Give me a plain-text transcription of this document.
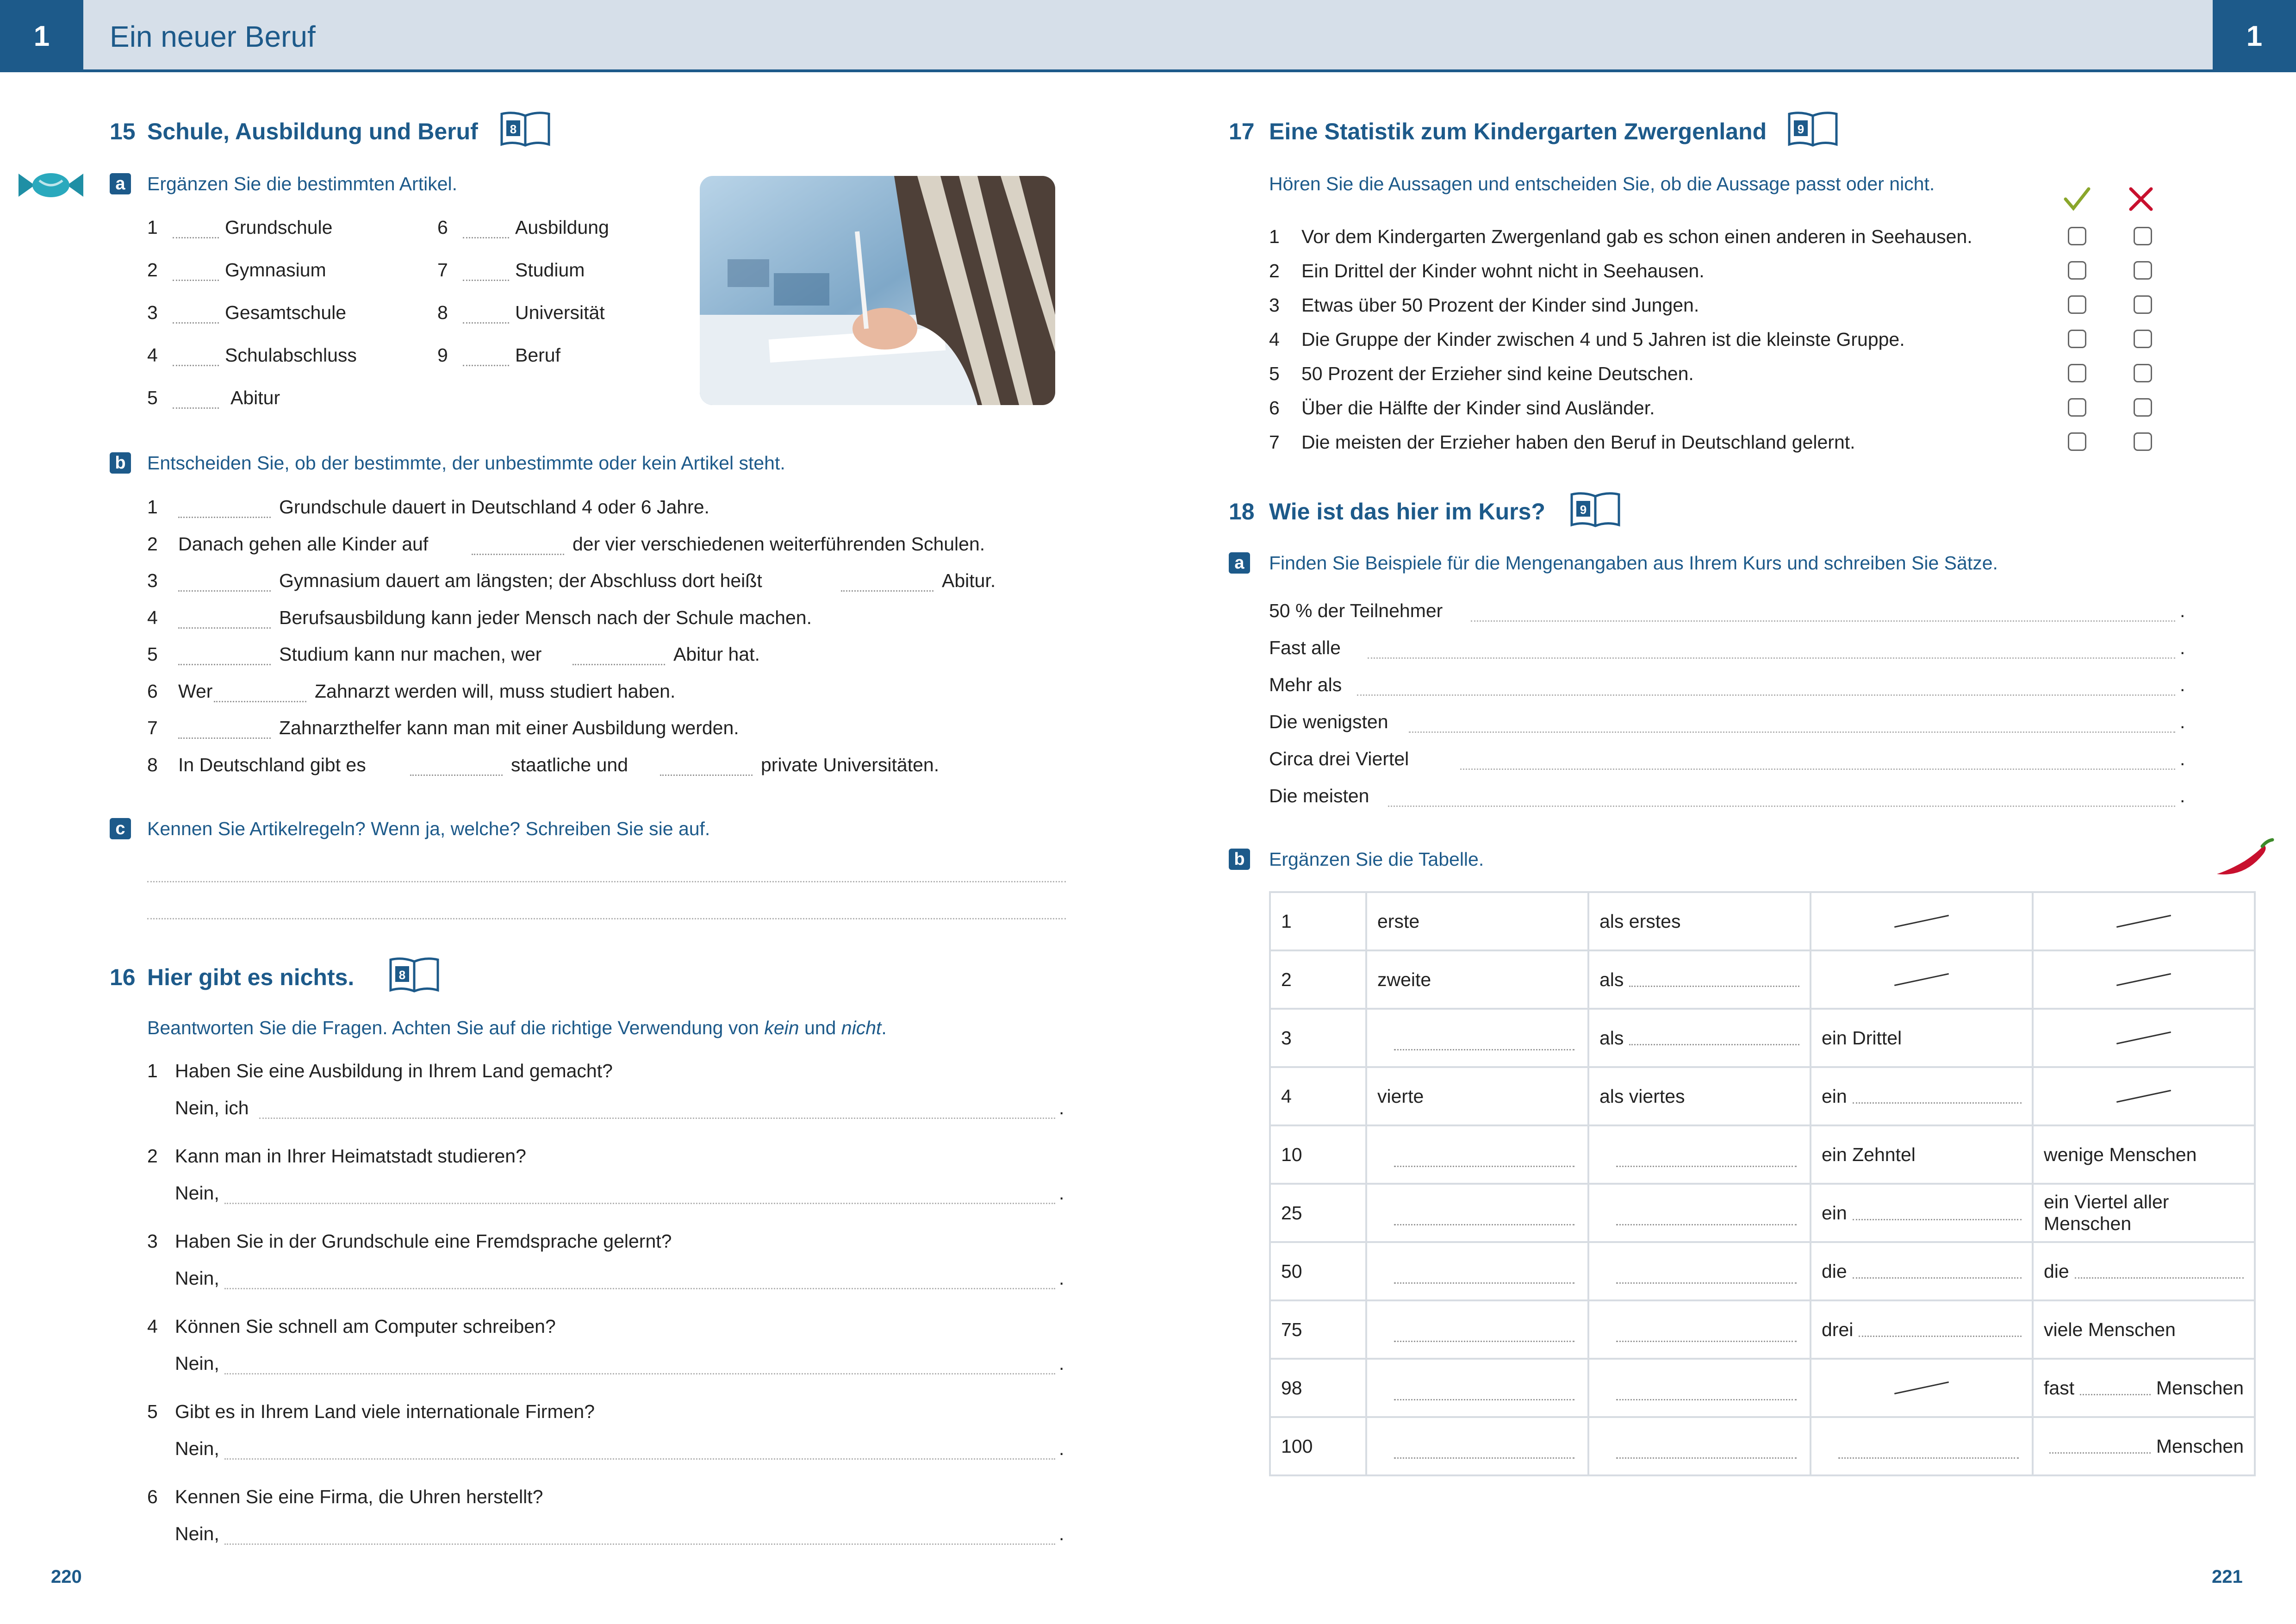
1	1
Ein neuer Beruf
15 Schule, Ausbildung und Beruf	8
a	Ergänzen Sie die bestimmten Artikel.
1	Grundschule
2	Gymnasium
3	Gesamtschule
4	Schulabschluss
5	Abitur
6	Ausbildung
7	Studium
8	Universität
9	Beruf
b Entscheiden Sie, ob der bestimmte, der unbestimmte oder kein Artikel steht.
1	Grundschule dauert in Deutschland 4 oder 6 Jahre.
2 Danach gehen alle Kinder auf	der vier verschiedenen weiterführenden Schulen.
3	Gymnasium dauert am längsten; der Abschluss dort heißt	Abitur.
4	Berufsausbildung kann jeder Mensch nach der Schule machen.
5	Studium kann nur machen, wer	Abitur hat.
6 Wer	Zahnarzt werden will, muss studiert haben.
7	Zahnarzthelfer kann man mit einer Ausbildung werden.
8 In Deutschland gibt es	staatliche und	private Universitäten.
c	Kennen Sie Artikelregeln? Wenn ja, welche? Schreiben Sie sie auf.
16 Hier gibt es nichts.	8
Beantworten Sie die Fragen. Achten Sie auf die richtige Verwendung von kein und nicht.
1 Haben Sie eine Ausbildung in Ihrem Land gemacht?
Nein, ich	.
2 Kann man in Ihrer Heimatstadt studieren?
Nein,	.
3 Haben Sie in der Grundschule eine Fremdsprache gelernt?
Nein,	.
4 Können Sie schnell am Computer schreiben?
Nein,	.
5 Gibt es in Ihrem Land viele internationale Firmen?
Nein,	.
6 Kennen Sie eine Firma, die Uhren herstellt?
Nein,	.
220
17 Eine Statistik zum Kindergarten Zwergenland	9
Hören Sie die Aussagen und entscheiden Sie, ob die Aussage passt oder nicht.
1 Vor dem Kindergarten Zwergenland gab es schon einen anderen in Seehausen.
2 Ein Drittel der Kinder wohnt nicht in Seehausen.
3 Etwas über 50 Prozent der Kinder sind Jungen.
4 Die Gruppe der Kinder zwischen 4 und 5 Jahren ist die kleinste Gruppe.
5 50 Prozent der Erzieher sind keine Deutschen.
6 Über die Hälfte der Kinder sind Ausländer.
7 Die meisten der Erzieher haben den Beruf in Deutschland gelernt.
18 Wie ist das hier im Kurs?	9
a	Finden Sie Beispiele für die Mengenangaben aus Ihrem Kurs und schreiben Sie Sätze.
50 % der Teilnehmer	.
Fast alle	.
Mehr als	.
Die wenigsten	.
Circa drei Viertel	.
Die meisten	.
b Ergänzen Sie die Tabelle.
1	erste	als erstes	

2	zweite	als		

3		als	ein Drittel	

4	vierte	als viertes	ein	

10			ein Zehntel	wenige Menschen
25			ein	ein Viertel aller Menschen
50			die	die

75			drei	viele Menschen
98				fast Menschen

100				Menschen
221
